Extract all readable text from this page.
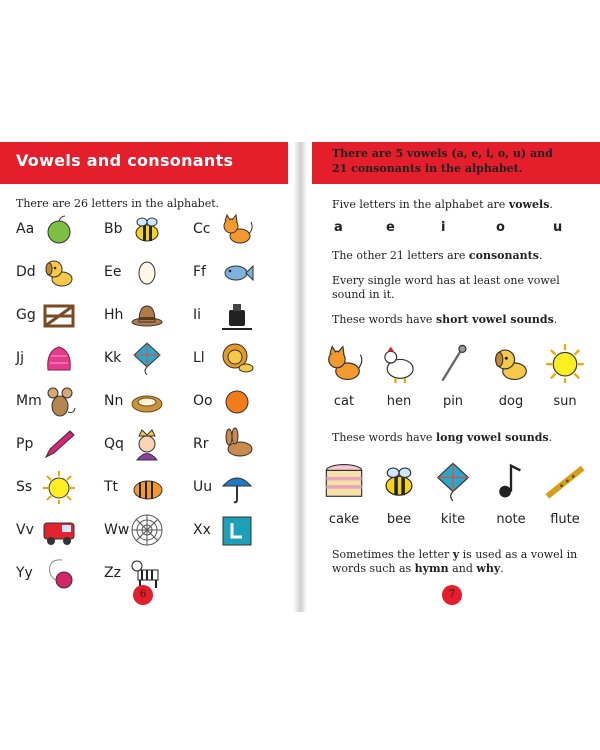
Vowels and consonants
There are 26 letters in the alphabet.
Aa	Bb	Cc
Dd	Ee	Ff
Gg	Hh	Ii
Jj	Kk	Ll
Mm	Nn	Oo
Pp	Qq	Rr
Ss	Tt	Uu
Vv	Ww	Xx
Yy	Zz
6

There are 5 vowels (a, e, i, o, u) and
21 consonants in the alphabet.

Five letters in the alphabet are vowels.
a	e	i	o	u
The other 21 letters are consonants.
Every single word has at least one vowel sound in it.
These words have short vowel sounds.
cat	hen	pin	dog	sun
These words have long vowel sounds.
cake	bee	kite	note	flute
Sometimes the letter y is used as a vowel in words such as hymn and why.
7
